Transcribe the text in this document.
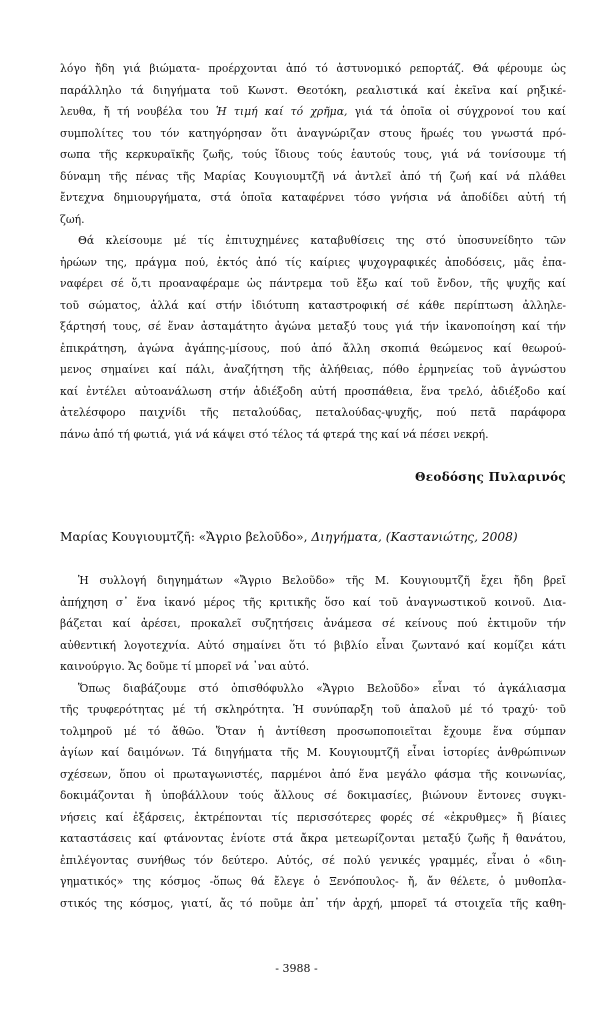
λόγο ἤδη γιά βιώματα- προέρχονται ἀπό τό ἀστυνομικό ρεπορτάζ. Θά φέρουμε ὡς
παράλληλο τά διηγήματα τοῦ Κωνστ. Θεοτόκη, ρεαλιστικά καί ἐκεῖνα καί ρηξικέ-
λευθα, ἤ τή νουβέλα του Ἡ τιμή καί τό χρῆμα, γιά τά ὁποῖα οἱ σύγχρονοί του καί
συμπολίτες του τόν κατηγόρησαν ὅτι ἀναγνώριζαν στους ἥρωές του γνωστά πρό-
σωπα τῆς κερκυραϊκῆς ζωῆς, τούς ἴδιους τούς ἑαυτούς τους, γιά νά τονίσουμε τή
δύναμη τῆς πένας τῆς Μαρίας Κουγιουμτζῆ νά ἀντλεῖ ἀπό τή ζωή καί νά πλάθει
ἔντεχνα δημιουργήματα, στά ὁποῖα καταφέρνει τόσο γνήσια νά ἀποδίδει αὐτή τή
ζωή.

Θά κλείσουμε μέ τίς ἐπιτυχημένες καταβυθίσεις της στό ὑποσυνείδητο τῶν
ἡρώων της, πράγμα πού, ἐκτός ἀπό τίς καίριες ψυχογραφικές ἀποδόσεις, μᾶς ἐπα-
ναφέρει σέ ὅ,τι προαναφέραμε ὡς πάντρεμα τοῦ ἔξω καί τοῦ ἔνδον, τῆς ψυχῆς καί
τοῦ σώματος, ἀλλά καί στήν ἰδιότυπη καταστροφική σέ κάθε περίπτωση ἀλληλε-
ξάρτησή τους, σέ ἕναν ἀσταμάτητο ἀγώνα μεταξύ τους γιά τήν ἱκανοποίηση καί τήν
ἐπικράτηση, ἀγώνα ἀγάπης-μίσους, πού ἀπό ἄλλη σκοπιά θεώμενος καί θεωρού-
μενος σημαίνει καί πάλι, ἀναζήτηση τῆς ἀλήθειας, πόθο ἑρμηνείας τοῦ ἀγνώστου
καί ἐντέλει αὐτοανάλωση στήν ἀδιέξοδη αὐτή προσπάθεια, ἕνα τρελό, ἀδιέξοδο καί
ἀτελέσφορο παιχνίδι τῆς πεταλούδας, πεταλούδας-ψυχῆς, πού πετᾶ παράφορα
πάνω ἀπό τή φωτιά, γιά νά κάψει στό τέλος τά φτερά της καί νά πέσει νεκρή.

Θεοδόσης Πυλαρινός
Μαρίας Κουγιουμτζῆ: «Ἄγριο βελοῦδο», Διηγήματα, (Καστανιώτης, 2008)

Ἡ συλλογή διηγημάτων «Ἄγριο Βελοῦδο» τῆς Μ. Κουγιουμτζῆ ἔχει ἤδη βρεῖ
ἀπήχηση σ᾽ ἕνα ἱκανό μέρος τῆς κριτικῆς ὅσο καί τοῦ ἀναγνωστικοῦ κοινοῦ. Δια-
βάζεται καί ἀρέσει, προκαλεῖ συζητήσεις ἀνάμεσα σέ κείνους πού ἐκτιμοῦν τήν
αὐθεντική λογοτεχνία. Αὐτό σημαίνει ὅτι τό βιβλίο εἶναι ζωντανό καί κομίζει κάτι
καινούργιο. Ἄς δοῦμε τί μπορεῖ νά ᾽ναι αὐτό.

Ὅπως διαβάζουμε στό ὀπισθόφυλλο «Ἄγριο Βελοῦδο» εἶναι τό ἀγκάλιασμα
τῆς τρυφερότητας μέ τή σκληρότητα. Ἡ συνύπαρξη τοῦ ἀπαλοῦ μέ τό τραχύ· τοῦ
τολμηροῦ μέ τό ἄθῶο. Ὅταν ἡ ἀντίθεση προσωποποιεῖται ἔχουμε ἕνα σύμπαν
ἁγίων καί δαιμόνων. Τά διηγήματα τῆς Μ. Κουγιουμτζῆ εἶναι ἱστορίες ἀνθρώπινων
σχέσεων, ὅπου οἱ πρωταγωνιστές, παρμένοι ἀπό ἕνα μεγάλο φάσμα τῆς κοινωνίας,
δοκιμάζονται ἤ ὑποβάλλουν τούς ἄλλους σέ δοκιμασίες, βιώνουν ἔντονες συγκι-
νήσεις καί ἐξάρσεις, ἐκτρέπονται τίς περισσότερες φορές σέ «ἐκρυθμες» ἤ βίαιες
καταστάσεις καί φτάνοντας ἐνίοτε στά ἄκρα μετεωρίζονται μεταξύ ζωῆς ἤ θανάτου,
ἐπιλέγοντας συνήθως τόν δεύτερο. Αὐτός, σέ πολύ γενικές γραμμές, εἶναι ὁ «διη-
γηματικός» της κόσμος -ὅπως θά ἔλεγε ὁ Ξενόπουλος- ἤ, ἄν θέλετε, ὁ μυθοπλα-
στικός της κόσμος, γιατί, ἄς τό ποῦμε ἀπ᾽ τήν ἀρχή, μπορεῖ τά στοιχεῖα τῆς καθη-

- 3988 -
